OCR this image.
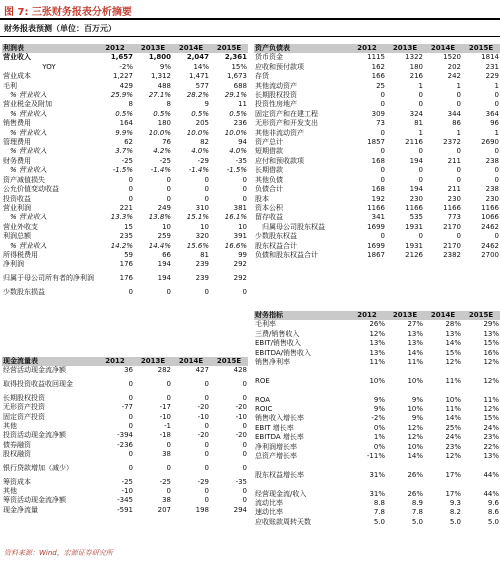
图 7: 三张财务报表分析摘要
财务报表预测（单位：百万元）
利润表	2012	2013E	2014E	2015E
营业收入	1,657	1,800	2,047	2,361
YOY	-2%	9%	14%	15%
营业成本	1,227	1,312	1,471	1,673
毛利	429	488	577	688
% 营业收入	25.9%	27.1%	28.2%	29.1%
营业税金及附加	8	8	9	11
% 营业收入	0.5%	0.5%	0.5%	0.5%
销售费用	164	180	205	236
% 营业收入	9.9%	10.0%	10.0%	10.0%
管理费用	62	76	82	94
% 营业收入	3.7%	4.2%	4.0%	4.0%
财务费用	-25	-25	-29	-35
% 营业收入	-1.5%	-1.4%	-1.4%	-1.5%
资产减值损失	0	0	0	0
公允价值变动收益	0	0	0	0
投资收益	0	0	0	0
营业利润	221	249	310	381
% 营业收入	13.3%	13.8%	15.1%	16.1%
营业外收支	15	10	10	10
利润总额	235	259	320	391
% 营业收入	14.2%	14.4%	15.6%	16.6%
所得税费用	59	66	81	99
净利润	176	194	239	292
归属于母公司所有者的净利润	176	194	239	292
少数股东损益	0	0	0	0
资产负债表	2012	2013E	2014E	2015E
货币资金	1115	1322	1520	1814
应收和预付款项	162	180	202	231
存货	166	216	242	229
其他流动资产	25	1	1	1
长期股权投资	0	0	0	0
投资性房地产	0	0	0	0
固定资产和在建工程	309	324	344	364
无形资产和开发支出	73	81	86	96
其他非流动资产	0	1	1	1
资产总计	1857	2116	2372	2690
短期借款	0	0	0	0
应付和预收款项	168	194	211	238
长期借款	0	0	0	0
其他负债	0	0	0	0
负债合计	168	194	211	238
股本	192	230	230	230
资本公积	1166	1166	1166	1166
留存收益	341	535	773	1066
归属母公司股东权益	1699	1931	2170	2462
少数股东权益	0	0	0	0
股东权益合计	1699	1931	2170	2462
负债和股东权益合计	1867	2126	2382	2700
现金流量表	2012	2013E	2014E	2015E
经营活动现金流净额	36	282	427	428
取得投资收益收回现金	0	0	0	0
长期股权投资	0	0	0	0
无形资产投资	-77	-17	-20	-20
固定资产投资	0	-10	-10	-10
其他	0	-1	0	0
投资活动现金流净额	-394	-18	-20	-20
债券融资	-236	0	0	0
股权融资	0	38	0	0
银行贷款增加（减少）	0	0	0	0
筹资成本	-25	-25	-29	-35
其他	-10	0	0	0
筹资活动现金流净额	-345	38	0	0
现金净流量	-591	207	198	294
财务指标	2012	2013E	2014E	2015E
毛利率	26%	27%	28%	29%
三费/销售收入	12%	13%	13%	13%
EBIT/销售收入	13%	13%	14%	15%
EBITDA/销售收入	13%	14%	15%	16%
销售净利率	11%	11%	12%	12%

ROE	10%	10%	11%	12%

ROA	9%	9%	10%	11%
ROIC	9%	10%	11%	12%
销售收入增长率	-2%	9%	14%	15%
EBIT 增长率	0%	12%	25%	24%
EBITDA 增长率	1%	12%	24%	23%
净利润增长率	0%	10%	23%	22%
总资产增长率	-11%	14%	12%	13%

股东权益增长率	31%	26%	17%	44%

经营现金流/收入	31%	26%	17%	44%
流动比率	8.8	8.9	9.3	9.6
速动比率	7.8	7.8	8.2	8.6
应收账款周转天数	5.0	5.0	5.0	5.0
资料来源：Wind，宏源证券研究所
